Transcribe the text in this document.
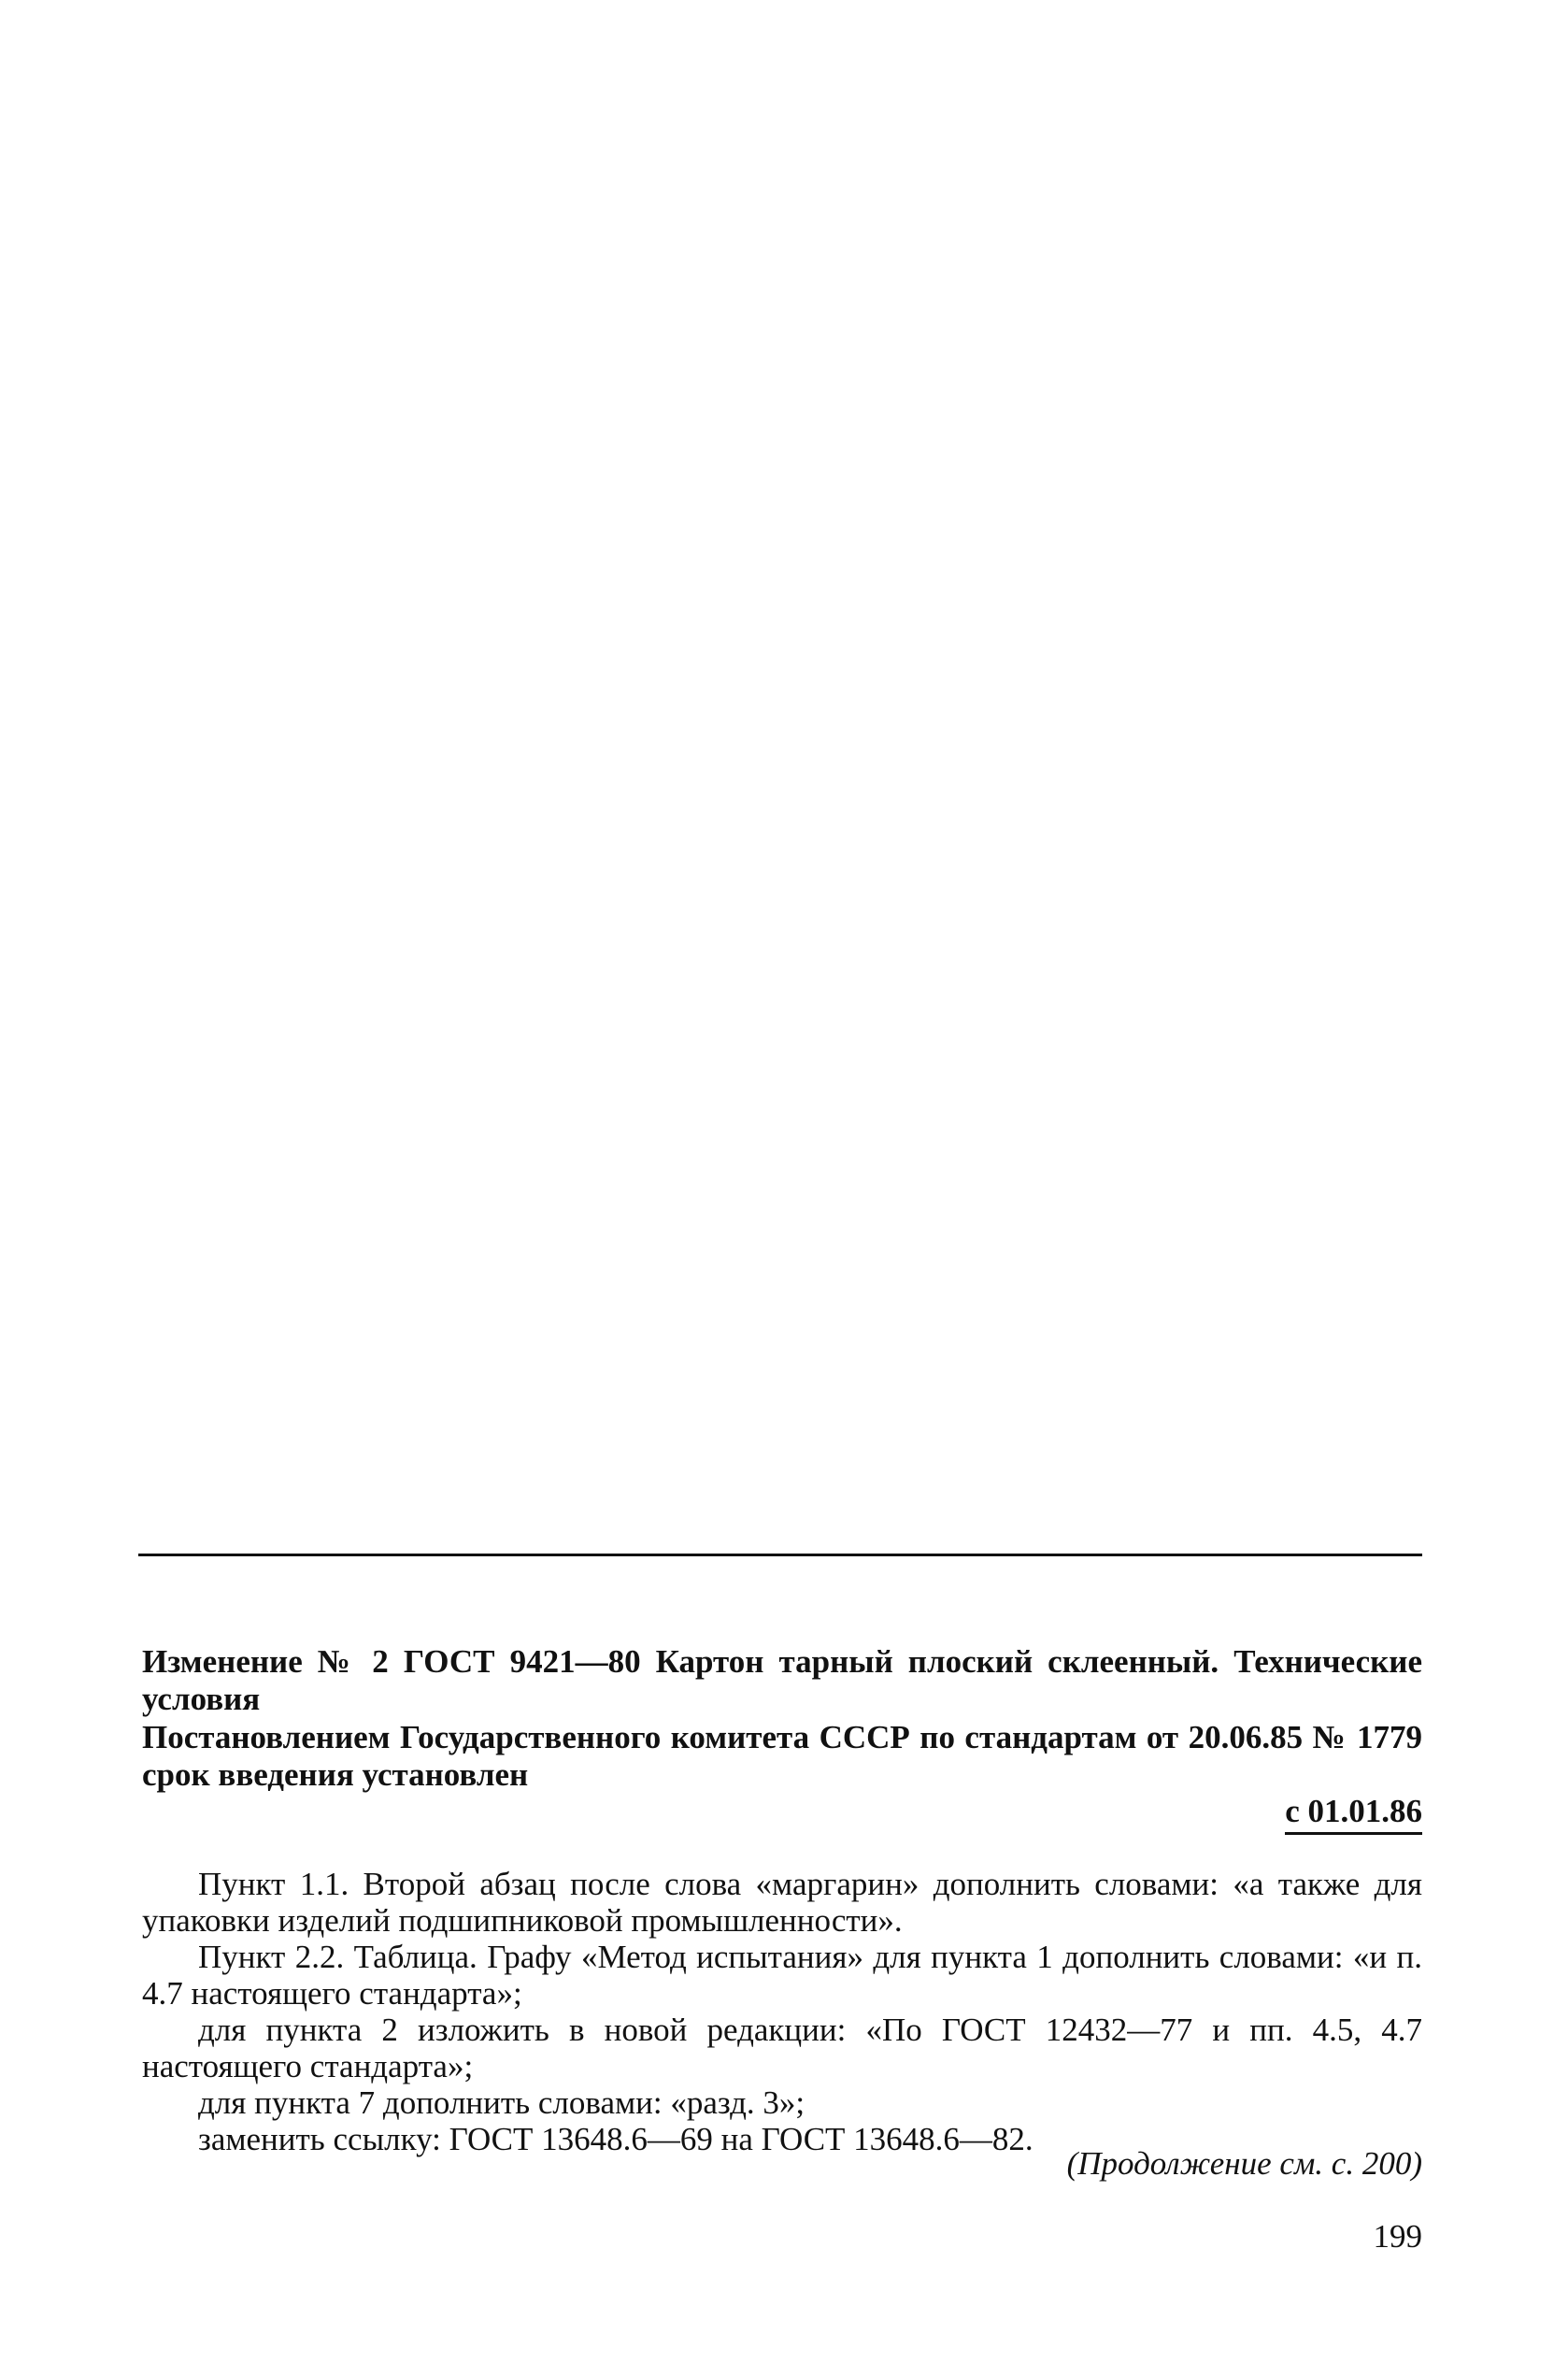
Изменение № 2 ГОСТ 9421—80 Картон тарный плоский склеенный. Технические условия
Постановлением Государственного комитета СССР по стандартам от 20.06.85 № 1779 срок введения установлен
с 01.01.86

Пункт 1.1. Второй абзац после слова «маргарин» дополнить словами: «а также для упаковки изделий подшипниковой промышленности».

Пункт 2.2. Таблица. Графу «Метод испытания» для пункта 1 дополнить словами: «и п. 4.7 настоящего стандарта»;

для пункта 2 изложить в новой редакции: «По ГОСТ 12432—77 и пп. 4.5, 4.7 настоящего стандарта»;

для пункта 7 дополнить словами: «разд. 3»;

заменить ссылку: ГОСТ 13648.6—69 на ГОСТ 13648.6—82.

(Продолжение см. с. 200)
199
